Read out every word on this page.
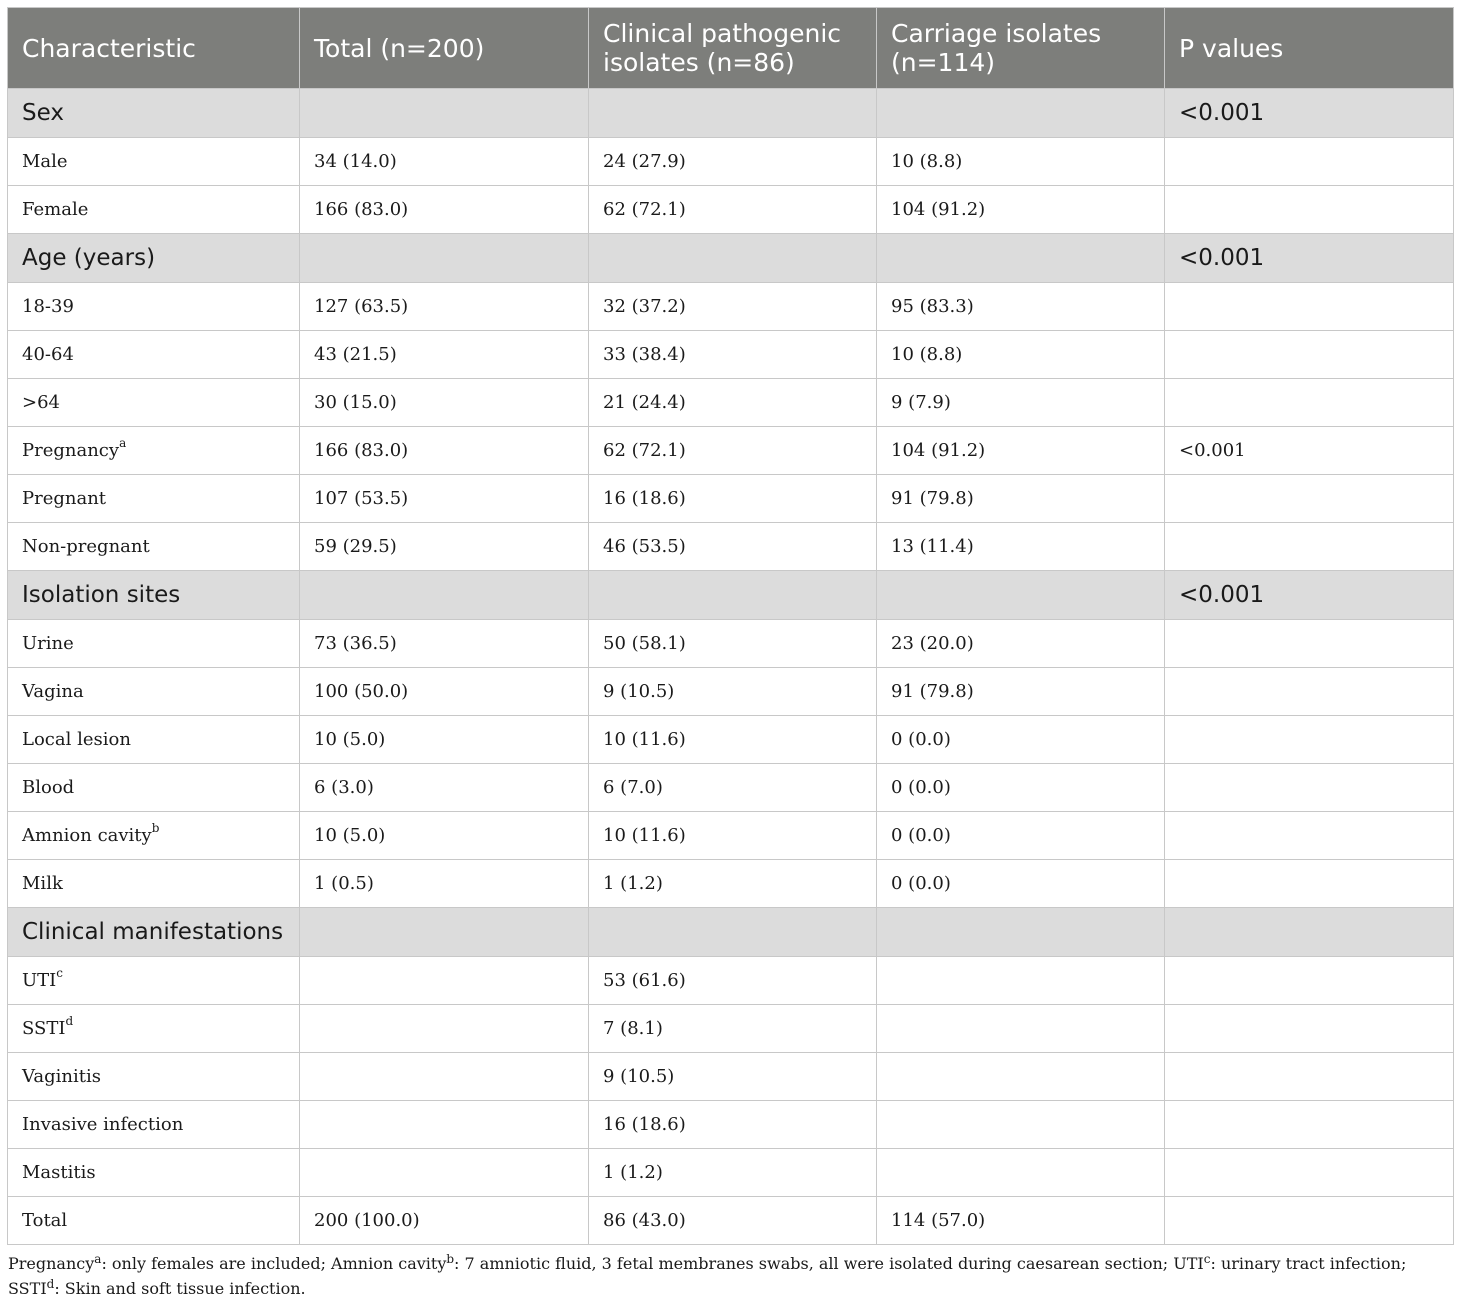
Characteristic	Total (n=200)	Clinical pathogenic isolates (n=86)	Carriage isolates (n=114)	P values
Sex				<0.001
Male	34 (14.0)	24 (27.9)	10 (8.8)	
Female	166 (83.0)	62 (72.1)	104 (91.2)	
Age (years)				<0.001
18-39	127 (63.5)	32 (37.2)	95 (83.3)	
40-64	43 (21.5)	33 (38.4)	10 (8.8)	
>64	30 (15.0)	21 (24.4)	9 (7.9)	
Pregnancy$^a$	166 (83.0)	62 (72.1)	104 (91.2)	<0.001
Pregnant	107 (53.5)	16 (18.6)	91 (79.8)	
Non-pregnant	59 (29.5)	46 (53.5)	13 (11.4)	
Isolation sites				<0.001
Urine	73 (36.5)	50 (58.1)	23 (20.0)	
Vagina	100 (50.0)	9 (10.5)	91 (79.8)	
Local lesion	10 (5.0)	10 (11.6)	0 (0.0)	
Blood	6 (3.0)	6 (7.0)	0 (0.0)	
Amnion cavity$^b$	10 (5.0)	10 (11.6)	0 (0.0)	
Milk	1 (0.5)	1 (1.2)	0 (0.0)	
Clinical manifestations				
UTI$^c$		53 (61.6)		
SSTI$^d$		7 (8.1)		
Vaginitis		9 (10.5)		
Invasive infection		16 (18.6)		
Mastitis		1 (1.2)		
Total	200 (100.0)	86 (43.0)	114 (57.0)	
Pregnancy$^a$: only females are included; Amnion cavity$^b$: 7 amniotic fluid, 3 fetal membranes swabs, all were isolated during caesarean section; UTI$^c$: urinary tract infection; SSTI$^d$: Skin and soft tissue infection.
